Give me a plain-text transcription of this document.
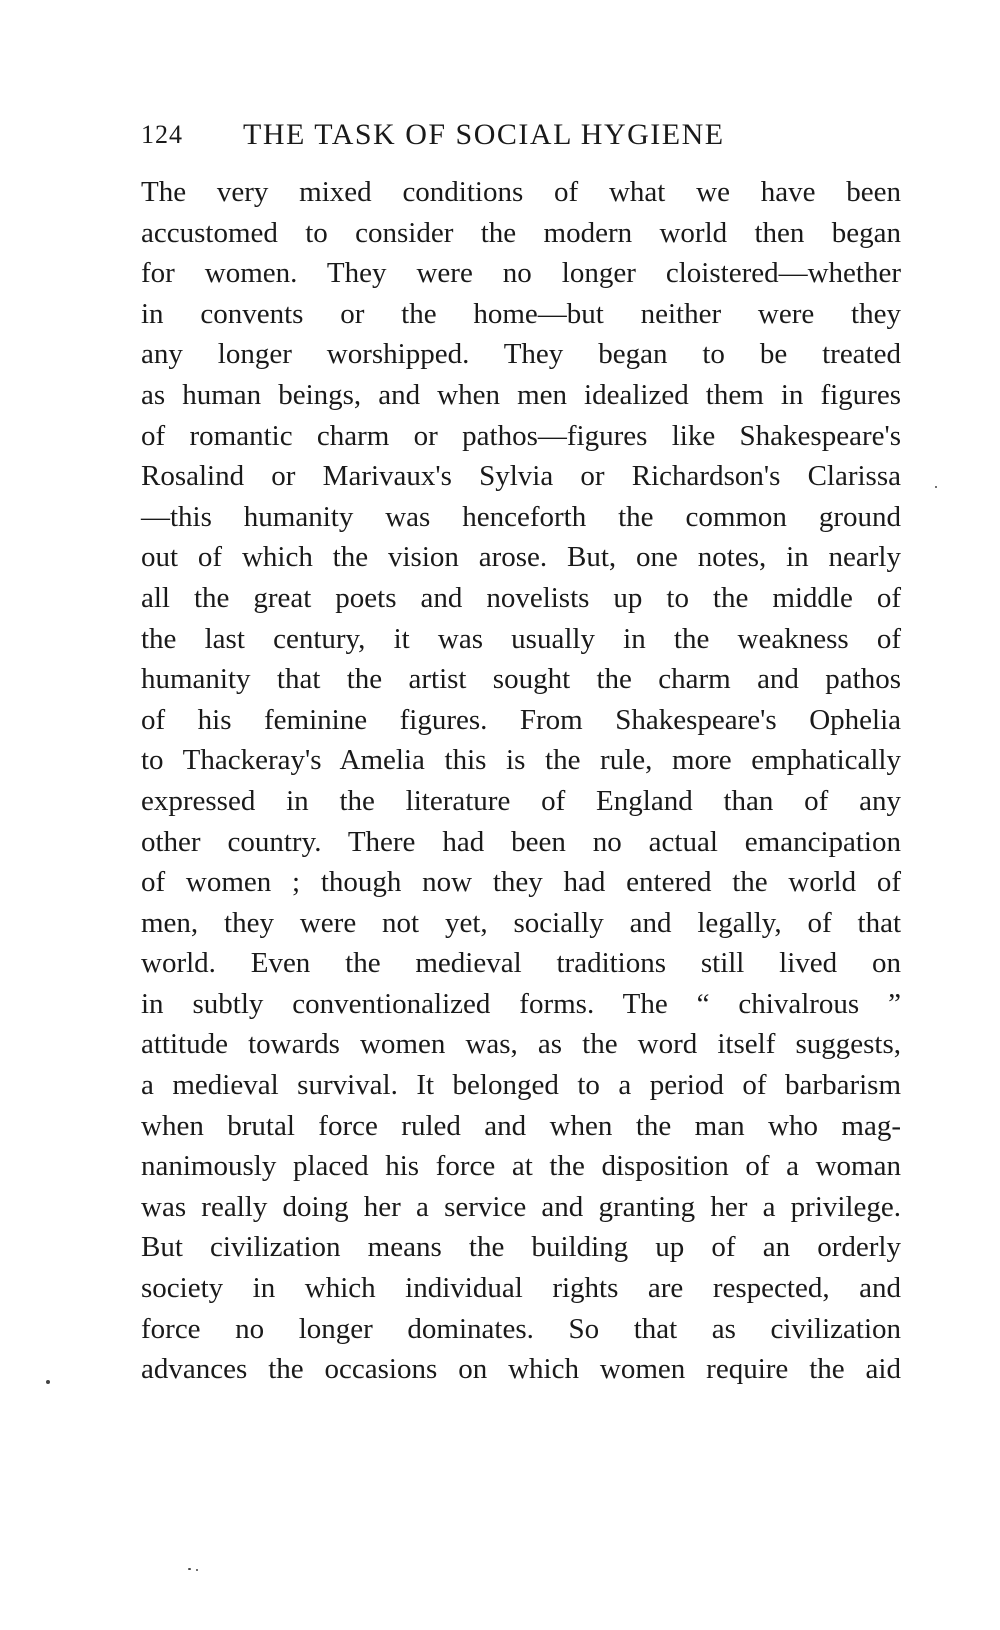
124 THE TASK OF SOCIAL HYGIENE
The very mixed conditions of what we have been
accustomed to consider the modern world then began
for women. They were no longer cloistered—whether
in convents or the home—but neither were they
any longer worshipped. They began to be treated
as human beings, and when men idealized them in figures
of romantic charm or pathos—figures like Shakespeare's
Rosalind or Marivaux's Sylvia or Richardson's Clarissa
—this humanity was henceforth the common ground
out of which the vision arose. But, one notes, in nearly
all the great poets and novelists up to the middle of
the last century, it was usually in the weakness of
humanity that the artist sought the charm and pathos
of his feminine figures. From Shakespeare's Ophelia
to Thackeray's Amelia this is the rule, more emphatically
expressed in the literature of England than of any
other country. There had been no actual emancipation
of women ; though now they had entered the world of
men, they were not yet, socially and legally, of that
world. Even the medieval traditions still lived on
in subtly conventionalized forms. The “ chivalrous ”
attitude towards women was, as the word itself suggests,
a medieval survival. It belonged to a period of barbarism
when brutal force ruled and when the man who mag-
nanimously placed his force at the disposition of a woman
was really doing her a service and granting her a privilege.
But civilization means the building up of an orderly
society in which individual rights are respected, and
force no longer dominates. So that as civilization
advances the occasions on which women require the aid
